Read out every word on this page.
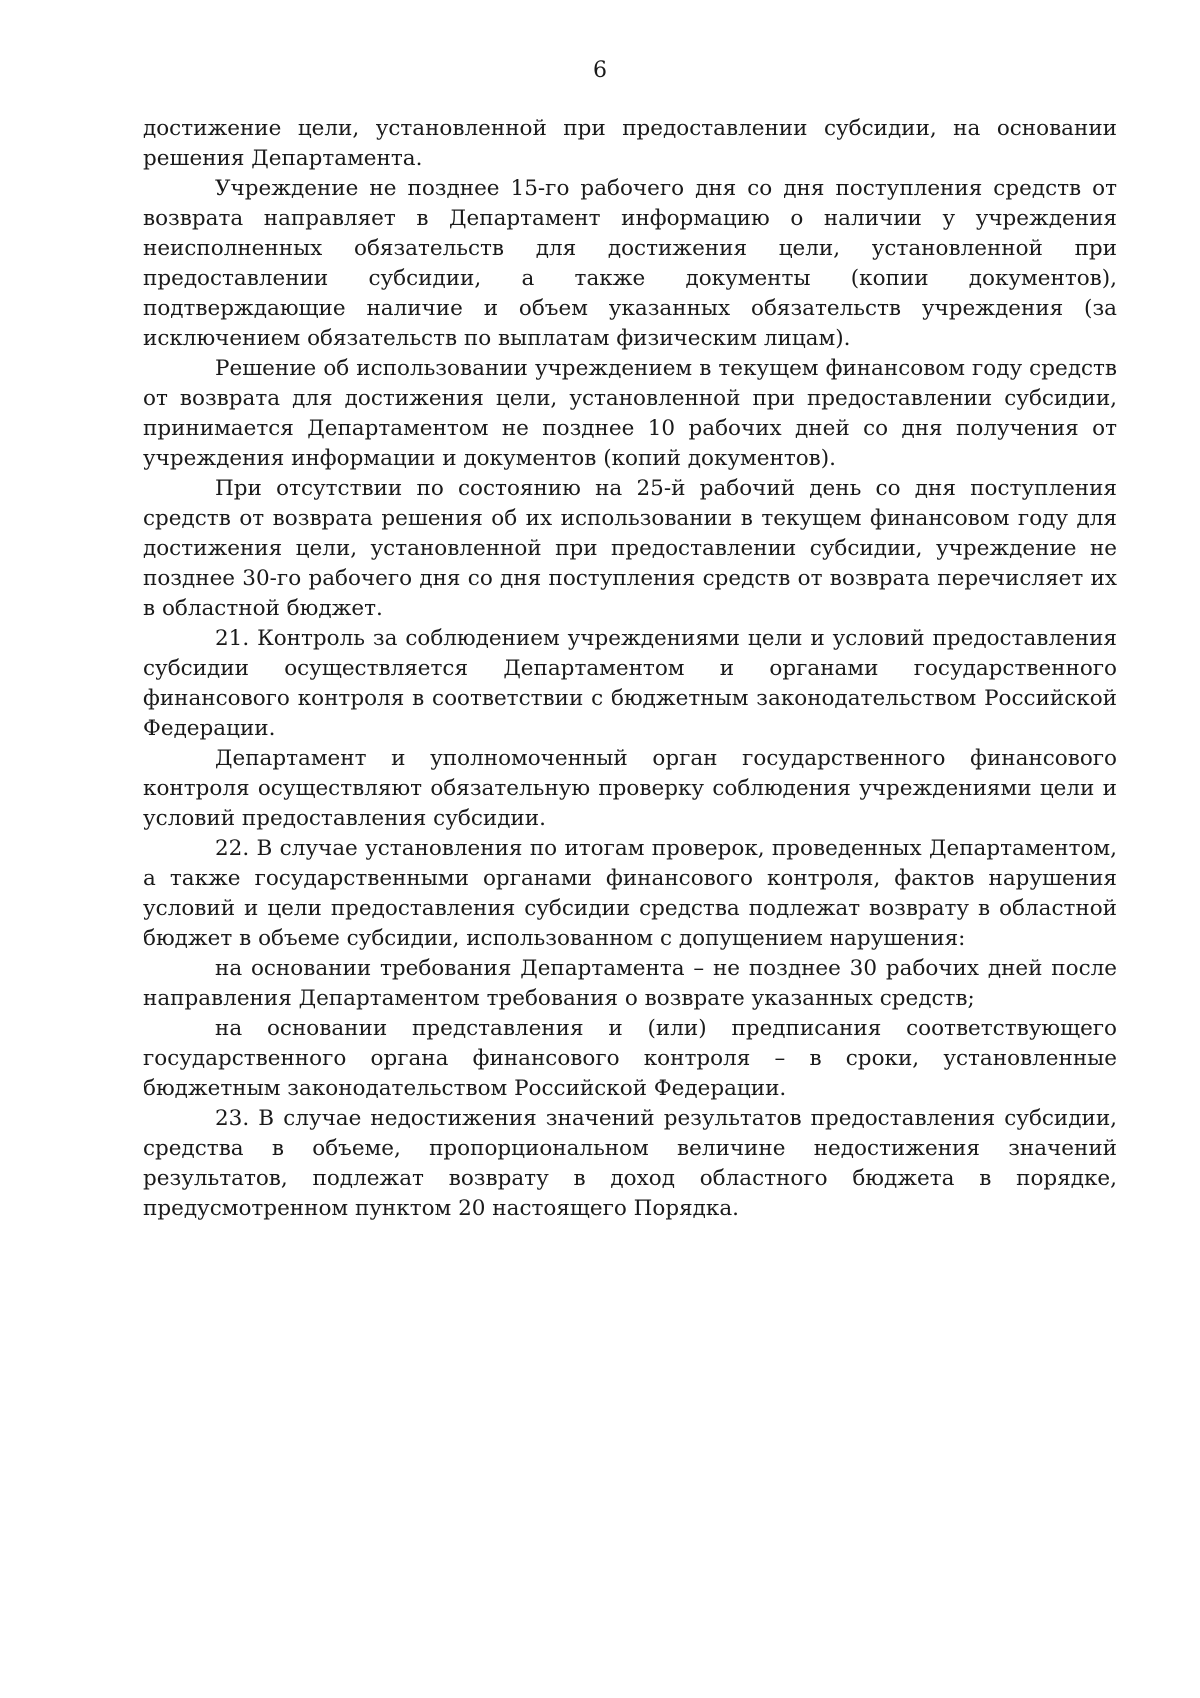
6

достижение цели, установленной при предоставлении субсидии, на основании решения Департамента.

Учреждение не позднее 15-го рабочего дня со дня поступления средств от возврата направляет в Департамент информацию о наличии у учреждения неисполненных обязательств для достижения цели, установленной при предоставлении субсидии, а также документы (копии документов), подтверждающие наличие и объем указанных обязательств учреждения (за исключением обязательств по выплатам физическим лицам).

Решение об использовании учреждением в текущем финансовом году средств от возврата для достижения цели, установленной при предоставлении субсидии, принимается Департаментом не позднее 10 рабочих дней со дня получения от учреждения информации и документов (копий документов).

При отсутствии по состоянию на 25-й рабочий день со дня поступления средств от возврата решения об их использовании в текущем финансовом году для достижения цели, установленной при предоставлении субсидии, учреждение не позднее 30-го рабочего дня со дня поступления средств от возврата перечисляет их в областной бюджет.

21. Контроль за соблюдением учреждениями цели и условий предоставления субсидии осуществляется Департаментом и органами государственного финансового контроля в соответствии с бюджетным законодательством Российской Федерации.

Департамент и уполномоченный орган государственного финансового контроля осуществляют обязательную проверку соблюдения учреждениями цели и условий предоставления субсидии.

22. В случае установления по итогам проверок, проведенных Департаментом, а также государственными органами финансового контроля, фактов нарушения условий и цели предоставления субсидии средства подлежат возврату в областной бюджет в объеме субсидии, использованном с допущением нарушения:

на основании требования Департамента – не позднее 30 рабочих дней после направления Департаментом требования о возврате указанных средств;

на основании представления и (или) предписания соответствующего государственного органа финансового контроля – в сроки, установленные бюджетным законодательством Российской Федерации.

23. В случае недостижения значений результатов предоставления субсидии, средства в объеме, пропорциональном величине недостижения значений результатов, подлежат возврату в доход областного бюджета в порядке, предусмотренном пунктом 20 настоящего Порядка.
